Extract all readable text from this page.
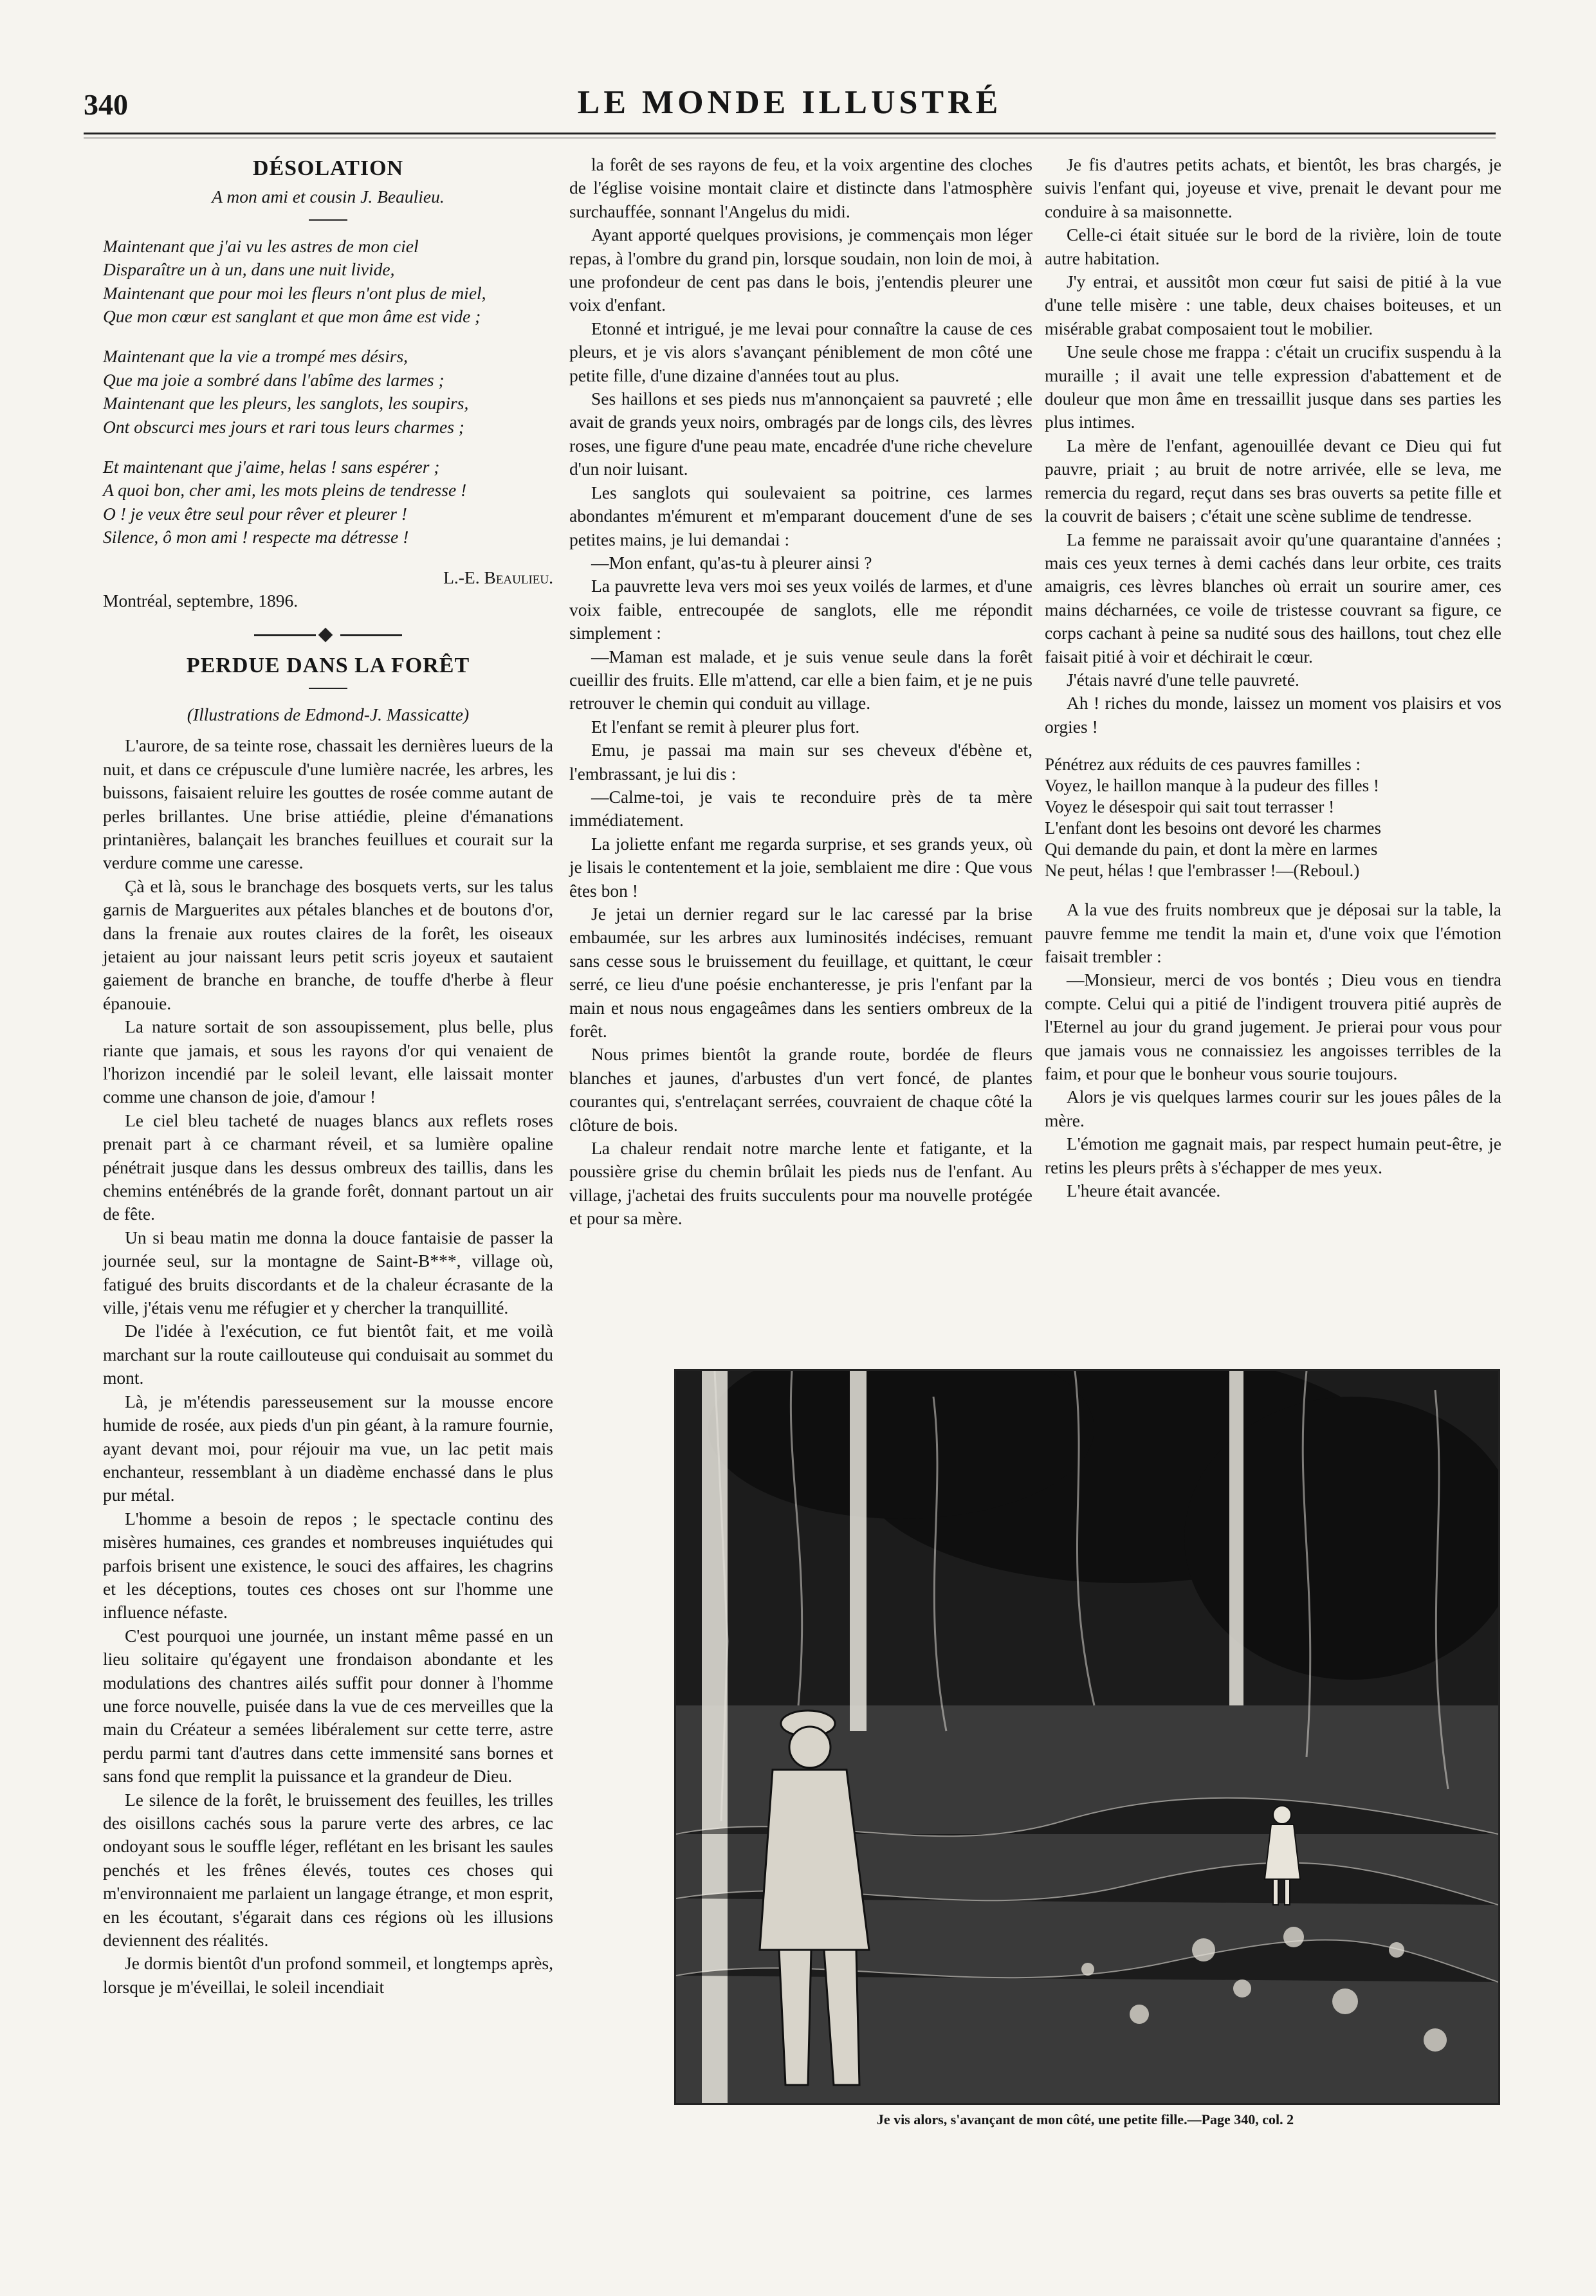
340	LE MONDE ILLUSTRÉ

DÉSOLATION

A mon ami et cousin J. Beaulieu.

Maintenant que j'ai vu les astres de mon ciel

Disparaître un à un, dans une nuit livide,

Maintenant que pour moi les fleurs n'ont plus de miel,

Que mon cœur est sanglant et que mon âme est vide ;

Maintenant que la vie a trompé mes désirs,

Que ma joie a sombré dans l'abîme des larmes ;

Maintenant que les pleurs, les sanglots, les soupirs,

Ont obscurci mes jours et rari tous leurs charmes ;

Et maintenant que j'aime, helas ! sans espérer ;

A quoi bon, cher ami, les mots pleins de tendresse !

O ! je veux être seul pour rêver et pleurer !

Silence, ô mon ami ! respecte ma détresse !

L.-E. Beaulieu.

Montréal, septembre, 1896.

PERDUE DANS LA FORÊT

(Illustrations de Edmond-J. Massicatte)

L'aurore, de sa teinte rose, chassait les dernières lueurs de la nuit, et dans ce crépuscule d'une lumière nacrée, les arbres, les buissons, faisaient reluire les gouttes de rosée comme autant de perles brillantes. Une brise attiédie, pleine d'émanations printanières, balançait les branches feuillues et courait sur la verdure comme une caresse.

Çà et là, sous le branchage des bosquets verts, sur les talus garnis de Marguerites aux pétales blanches et de boutons d'or, dans la frenaie aux routes claires de la forêt, les oiseaux jetaient au jour naissant leurs petit scris joyeux et sautaient gaiement de branche en branche, de touffe d'herbe à fleur épanouie.

La nature sortait de son assoupissement, plus belle, plus riante que jamais, et sous les rayons d'or qui venaient de l'horizon incendié par le soleil levant, elle laissait monter comme une chanson de joie, d'amour !

Le ciel bleu tacheté de nuages blancs aux reflets roses prenait part à ce charmant réveil, et sa lumière opaline pénétrait jusque dans les dessus ombreux des taillis, dans les chemins enténébrés de la grande forêt, donnant partout un air de fête.

Un si beau matin me donna la douce fantaisie de passer la journée seul, sur la montagne de Saint-B***, village où, fatigué des bruits discordants et de la chaleur écrasante de la ville, j'étais venu me réfugier et y chercher la tranquillité.

De l'idée à l'exécution, ce fut bientôt fait, et me voilà marchant sur la route caillouteuse qui conduisait au sommet du mont.

Là, je m'étendis paresseusement sur la mousse encore humide de rosée, aux pieds d'un pin géant, à la ramure fournie, ayant devant moi, pour réjouir ma vue, un lac petit mais enchanteur, ressemblant à un diadème enchassé dans le plus pur métal.

L'homme a besoin de repos ; le spectacle continu des misères humaines, ces grandes et nombreuses inquiétudes qui parfois brisent une existence, le souci des affaires, les chagrins et les déceptions, toutes ces choses ont sur l'homme une influence néfaste.

C'est pourquoi une journée, un instant même passé en un lieu solitaire qu'égayent une frondaison abondante et les modulations des chantres ailés suffit pour donner à l'homme une force nouvelle, puisée dans la vue de ces merveilles que la main du Créateur a semées libéralement sur cette terre, astre perdu parmi tant d'autres dans cette immensité sans bornes et sans fond que remplit la puissance et la grandeur de Dieu.

Le silence de la forêt, le bruissement des feuilles, les trilles des oisillons cachés sous la parure verte des arbres, ce lac ondoyant sous le souffle léger, reflétant en les brisant les saules penchés et les frênes élevés, toutes ces choses qui m'environnaient me parlaient un langage étrange, et mon esprit, en les écoutant, s'égarait dans ces régions où les illusions deviennent des réalités.

Je dormis bientôt d'un profond sommeil, et longtemps après, lorsque je m'éveillai, le soleil incendiait

la forêt de ses rayons de feu, et la voix argentine des cloches de l'église voisine montait claire et distincte dans l'atmosphère surchauffée, sonnant l'Angelus du midi.

Ayant apporté quelques provisions, je commençais mon léger repas, à l'ombre du grand pin, lorsque soudain, non loin de moi, à une profondeur de cent pas dans le bois, j'entendis pleurer une voix d'enfant.

Etonné et intrigué, je me levai pour connaître la cause de ces pleurs, et je vis alors s'avançant péniblement de mon côté une petite fille, d'une dizaine d'années tout au plus.

Ses haillons et ses pieds nus m'annonçaient sa pauvreté ; elle avait de grands yeux noirs, ombragés par de longs cils, des lèvres roses, une figure d'une peau mate, encadrée d'une riche chevelure d'un noir luisant.

Les sanglots qui soulevaient sa poitrine, ces larmes abondantes m'émurent et m'emparant doucement d'une de ses petites mains, je lui demandai :

—Mon enfant, qu'as-tu à pleurer ainsi ?

La pauvrette leva vers moi ses yeux voilés de larmes, et d'une voix faible, entrecoupée de sanglots, elle me répondit simplement :

—Maman est malade, et je suis venue seule dans la forêt cueillir des fruits. Elle m'attend, car elle a bien faim, et je ne puis retrouver le chemin qui conduit au village.

Et l'enfant se remit à pleurer plus fort.

Emu, je passai ma main sur ses cheveux d'ébène et, l'embrassant, je lui dis :

—Calme-toi, je vais te reconduire près de ta mère immédiatement.

La joliette enfant me regarda surprise, et ses grands yeux, où je lisais le contentement et la joie, semblaient me dire : Que vous êtes bon !

Je jetai un dernier regard sur le lac caressé par la brise embaumée, sur les arbres aux luminosités indécises, remuant sans cesse sous le bruissement du feuillage, et quittant, le cœur serré, ce lieu d'une poésie enchanteresse, je pris l'enfant par la main et nous nous engageâmes dans les sentiers ombreux de la forêt.

Nous primes bientôt la grande route, bordée de fleurs blanches et jaunes, d'arbustes d'un vert foncé, de plantes courantes qui, s'entrelaçant serrées, couvraient de chaque côté la clôture de bois.

La chaleur rendait notre marche lente et fatigante, et la poussière grise du chemin brûlait les pieds nus de l'enfant. Au village, j'achetai des fruits succulents pour ma nouvelle protégée et pour sa mère.

Je fis d'autres petits achats, et bientôt, les bras chargés, je suivis l'enfant qui, joyeuse et vive, prenait le devant pour me conduire à sa maisonnette.

Celle-ci était située sur le bord de la rivière, loin de toute autre habitation.

J'y entrai, et aussitôt mon cœur fut saisi de pitié à la vue d'une telle misère : une table, deux chaises boiteuses, et un misérable grabat composaient tout le mobilier.

Une seule chose me frappa : c'était un crucifix suspendu à la muraille ; il avait une telle expression d'abattement et de douleur que mon âme en tressaillit jusque dans ses parties les plus intimes.

La mère de l'enfant, agenouillée devant ce Dieu qui fut pauvre, priait ; au bruit de notre arrivée, elle se leva, me remercia du regard, reçut dans ses bras ouverts sa petite fille et la couvrit de baisers ; c'était une scène sublime de tendresse.

La femme ne paraissait avoir qu'une quarantaine d'années ; mais ces yeux ternes à demi cachés dans leur orbite, ces traits amaigris, ces lèvres blanches où errait un sourire amer, ces mains décharnées, ce voile de tristesse couvrant sa figure, ce corps cachant à peine sa nudité sous des haillons, tout chez elle faisait pitié à voir et déchirait le cœur.

J'étais navré d'une telle pauvreté.

Ah ! riches du monde, laissez un moment vos plaisirs et vos orgies !

Pénétrez aux réduits de ces pauvres familles :

Voyez, le haillon manque à la pudeur des filles !

Voyez le désespoir qui sait tout terrasser !

L'enfant dont les besoins ont devoré les charmes

Qui demande du pain, et dont la mère en larmes

Ne peut, hélas ! que l'embrasser !—(Reboul.)

A la vue des fruits nombreux que je déposai sur la table, la pauvre femme me tendit la main et, d'une voix que l'émotion faisait trembler :

—Monsieur, merci de vos bontés ; Dieu vous en tiendra compte. Celui qui a pitié de l'indigent trouvera pitié auprès de l'Eternel au jour du grand jugement. Je prierai pour vous pour que jamais vous ne connaissiez les angoisses terribles de la faim, et pour que le bonheur vous sourie toujours.

Alors je vis quelques larmes courir sur les joues pâles de la mère.

L'émotion me gagnait mais, par respect humain peut-être, je retins les pleurs prêts à s'échapper de mes yeux.

L'heure était avancée.

Je vis alors, s'avançant de mon côté, une petite fille.—Page 340, col. 2
